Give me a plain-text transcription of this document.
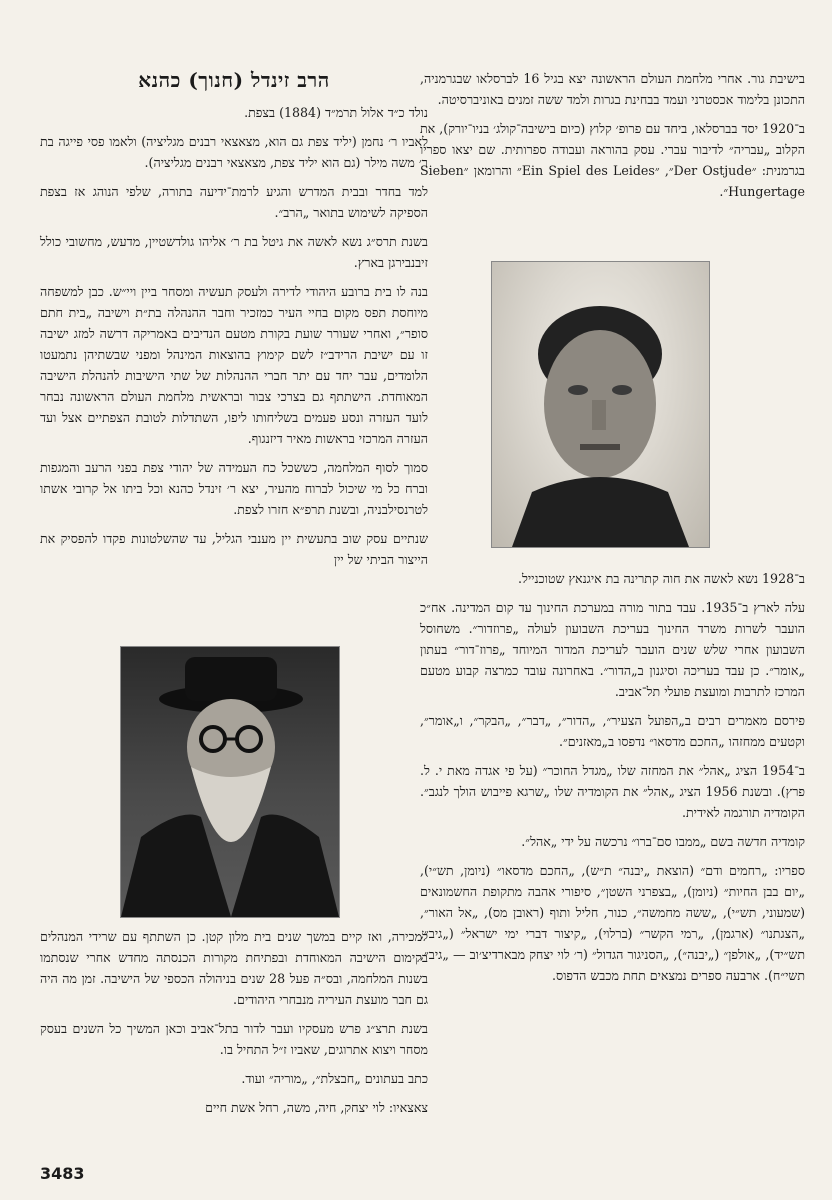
בישיבת גור. אחרי מלחמת העולם הראשונה יצא בגיל 16 לברסלאו שבגרמניה, התכונן בלימוד אכסטרני ועמד בבחינת בגרות ולמד ששה זמנים באוניברסיטה.

ב־1920 יסד בברסלאו, ביחד עם פרופ׳ קלוץ (כיום בישיבה־קולג׳ בניו־יורק), את הקלוב „עבריה״ לדיבור עברי. עסק בהוראה ועבודה ספרותית. שם יצאו ספריו בגרמנית: ״Der Ostjude״, ״Ein Spiel des Leides״ והרומאן ״Sieben Hungertage״.

ב־1928 נשא לאשה את חוה קתרינה בת איגנאץ שטוכנייל.

עלה לארץ ב־1935. עבד בתור מורה במערכת החינוך עד קום המדינה. אח״כ הועבר לשרות משרד החינוך בעריכת השבועון לעולה „פרוזדור״. משחוסל השבועון אחרי שלש שנים הועבר לעריכת המדור המיוחד „פרוז־דור״ בעתון „אומר״. כן עבד בעריכה וסיגנון ב„הדור״. באחרונה עובד כמרצה קבוע מטעם המרכז לתרבות ומועצת פועלי תל־אביב.

פירסם מאמרים רבים ב„הפועל הצעיר״, „הדור״, „דבר״, „הבקר״, ו„אומר״, וקטעים ממחזהו „החכם מדסאו״ נדפסו ב„מאזנים״.

ב־1954 הציג „אהל״ את המחזה שלו „מגדל החוכר״ (על פי אגדה מאת י. ל. פרץ). ובשנת 1956 הציג „אהל״ את הקומדיה שלו „שרגא פייבוש הולך לנגב״. הקומדיה תורגמה לאידית.

קומדיה חדשה בשם „ממבו סם־ברו״ נרכשה על ידי „אהל״.

ספריו: „רחמים ודם״ (הוצאת „יבנה״ ת״ש), „החכם מדסאו״ (ניומן, תש״י), „יום בבן החיות״ (ניומן), „בצפרני השטן״, סיפורי אהבה מתקופת החשמונאים (שמעוני, תש״י), „ששה מחמשה״, כנור, חליל ותוף (ראובן מס), „אל האור״, „הצגתנו״ (ארגמן), „רמי הקשר״ (ברלוי), „קיצור דברי ימי ישראל״ („גיב״, תש״יד), „אולפן״ („יבנה״), „הסניגור הגדול״ (ר׳ לוי יצחק מבארדיצ׳וב — „גיב״, תשי״ח). ארבעה ספרים נמצאים תחת מכבש הדפוס.

הרב זינדל (חנוך) כהנא

נולד כ״ד אלול תרמ״ד (1884) בצפת.

לאביו ר׳ נחמן (יליד צפת גם הוא, מצאצאי רבנים מגליציה) ולאמו פסי פייגה בת ר׳ משה מילר (גם הוא יליד צפת, מצאצאי רבנים מגליציה).

למד בחדר ובבית המדרש והגיע לרמת־ידיעה בתורה, שלפי הנוהג אז בצפת הספיקה לשימוש בתואר „הרב״.

בשנת תרס״ג נשא לאשה את גיטל בת ר׳ אליהו גולדשטיין, מדעש, מחשובי כולל זיבנבירגן בארץ.

בנה לו בית ברובע היהודי לדירה ולעסק תעשיה ומסחר ביין ויי״ש. כבן למשפחה מיוחסת תפס מקום בחיי העיר כמזכיר וחבר ההנהלה בת״ת וישיבה „בית חתם סופר״, ואחרי שעורר שועת בקורת מטעם הנדיבים באמריקה דרשה למזג ישיבה זו עם ישיבת הרידב״ז לשם קימוץ בהוצאות המינהל ומפני שבשתיהן נתמעטו הלומדים, עבר יחד עם יתר חברי ההנהלות של שתי הישיבות להנהלת הישיבה המאוחדת. הישתתף גם בצרכי צבור ובראשית מלחמת העולם הראשונה נבחר לועד העזרה ונסע פעמים בשליחותו ליפו, השתדלות לטובת הצפתיים אצל ועד העזרה המרכזי בראשות מאיר דיזנגוף.

סמוך לסוף המלחמה, כששכל כח העמידה של יהודי צפת בפני הרעב והמגפות וברח כל מי שיכול לברוח מהעיר, יצא ר׳ זינדל כהנא וכל ביתו אל קרובי אשתו לטרנסילבניה, ובשנת תרפ״א חזרו לצפת.

שנתיים עסק שוב בתעשית יין מענבי הגליל, עד שהשלטונות פקדו להפסיק את הייצור הביתי של יין

למכירה, ואז קיים במשך שנים בית מלון קטן. כן השתתף עם שרידי המנהלים בקימום הישיבה המאוחדת ובפתיחת מקורות הכנסתה מחדש אחרי שנסתמו בשנות המלחמה, ובס״ה פעל 28 שנים בניהולה הכספי של הישיבה. זמן מה היה גם חבר מועצת העיריה מנבחרי היהודים.

בשנת תרצ״ג פרש מעסקיו ועבר לדור בתל־אביב וכאן המשיך כל השנים בעסק מסחר ויצוא אתרוגים, שאביו ז״ל התחיל בו.

כתב בעתונים „חבצלת״, „מוריה״ ועוד.

צאצאיו: לוי יצחק, חיה, משה, רחל אשת חיים

3483
